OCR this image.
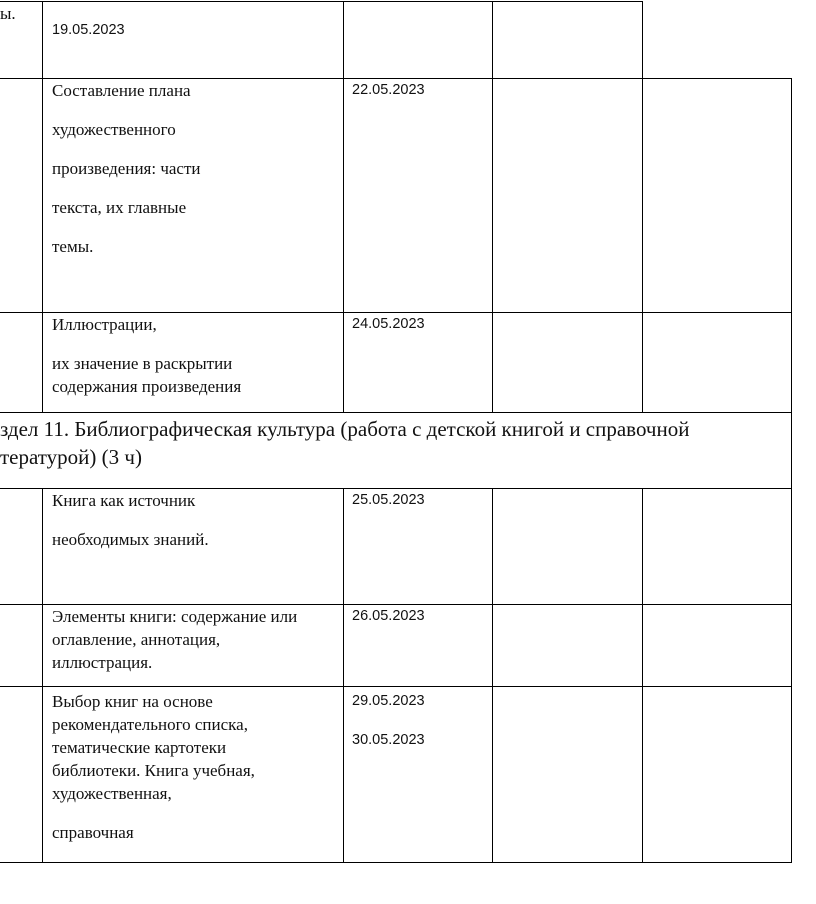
ы.
19.05.2023
Составление плана
художественного
произведения: части
текста, их главные
темы.
22.05.2023
Иллюстрации,
их значение в раскрытии
содержания произведения
24.05.2023
здел 11. Библиографическая культура (работа с детской книгой и справочной
тературой) (3 ч)
Книга как источник
необходимых знаний.
25.05.2023
Элементы книги: содержание или
оглавление, аннотация,
иллюстрация.
26.05.2023
Выбор книг на основе
рекомендательного списка,
тематические картотеки
библиотеки. Книга учебная,
художественная,
справочная
29.05.2023
30.05.2023
